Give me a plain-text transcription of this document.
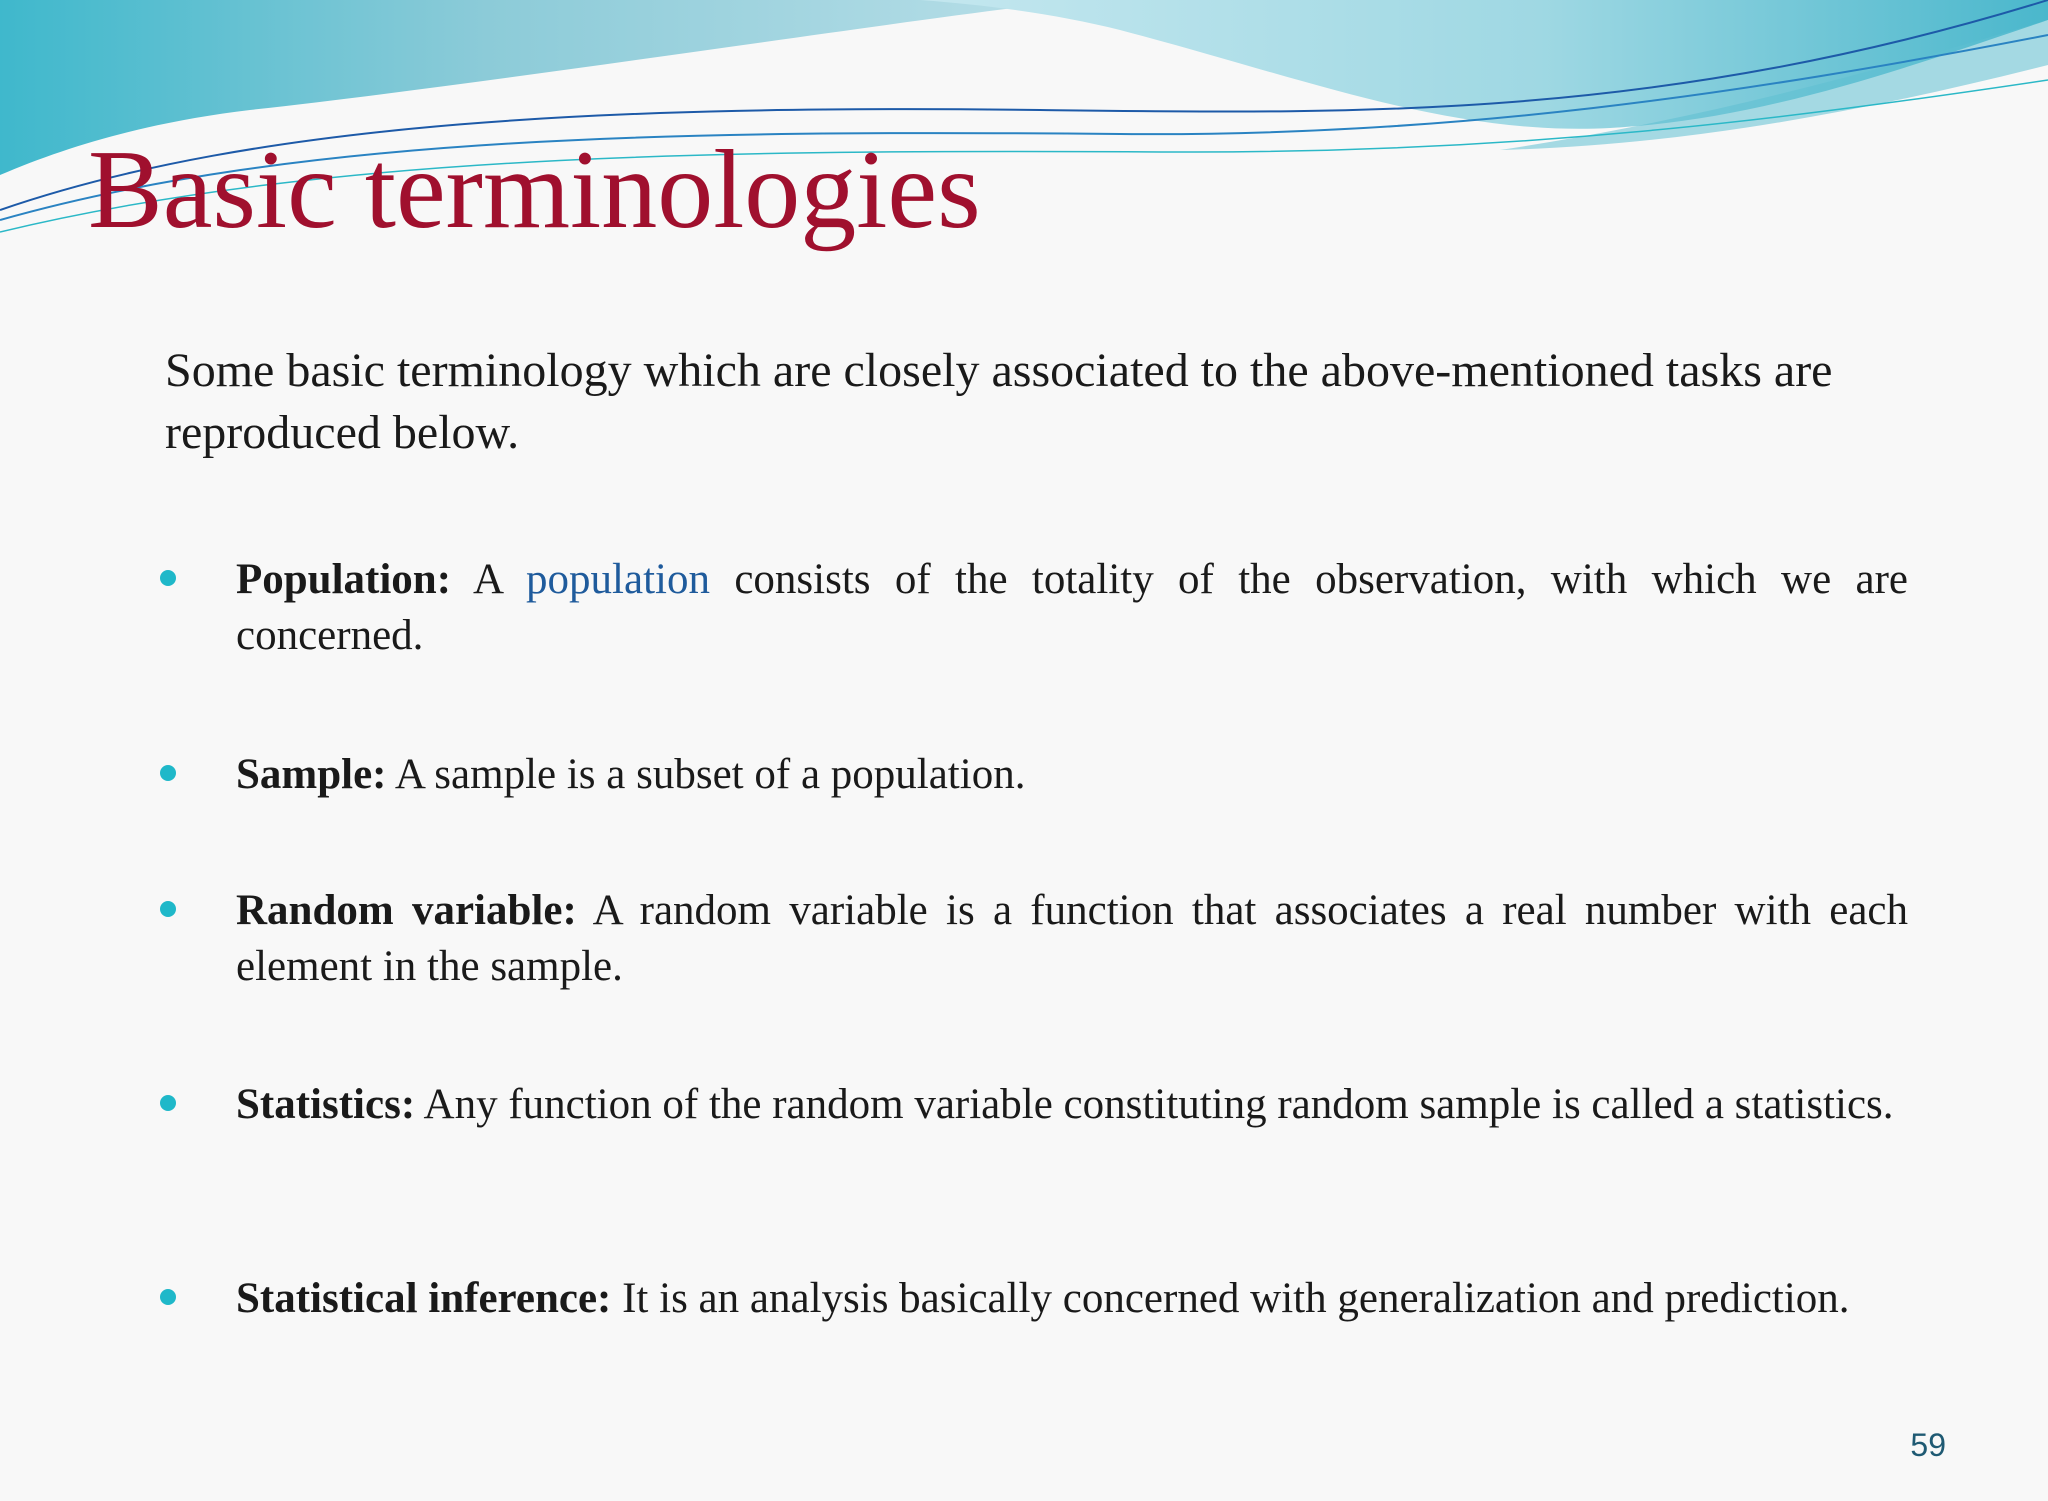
Basic terminologies

Some basic terminology which are closely associated to the above-mentioned tasks are reproduced below.

Population: A population consists of the totality of the observation, with which we are concerned.
Sample: A sample is a subset of a population.
Random variable: A random variable is a function that associates a real number with each element in the sample.
Statistics: Any function of the random variable constituting random sample is called a statistics.
Statistical inference: It is an analysis basically concerned with generalization and prediction.
59
